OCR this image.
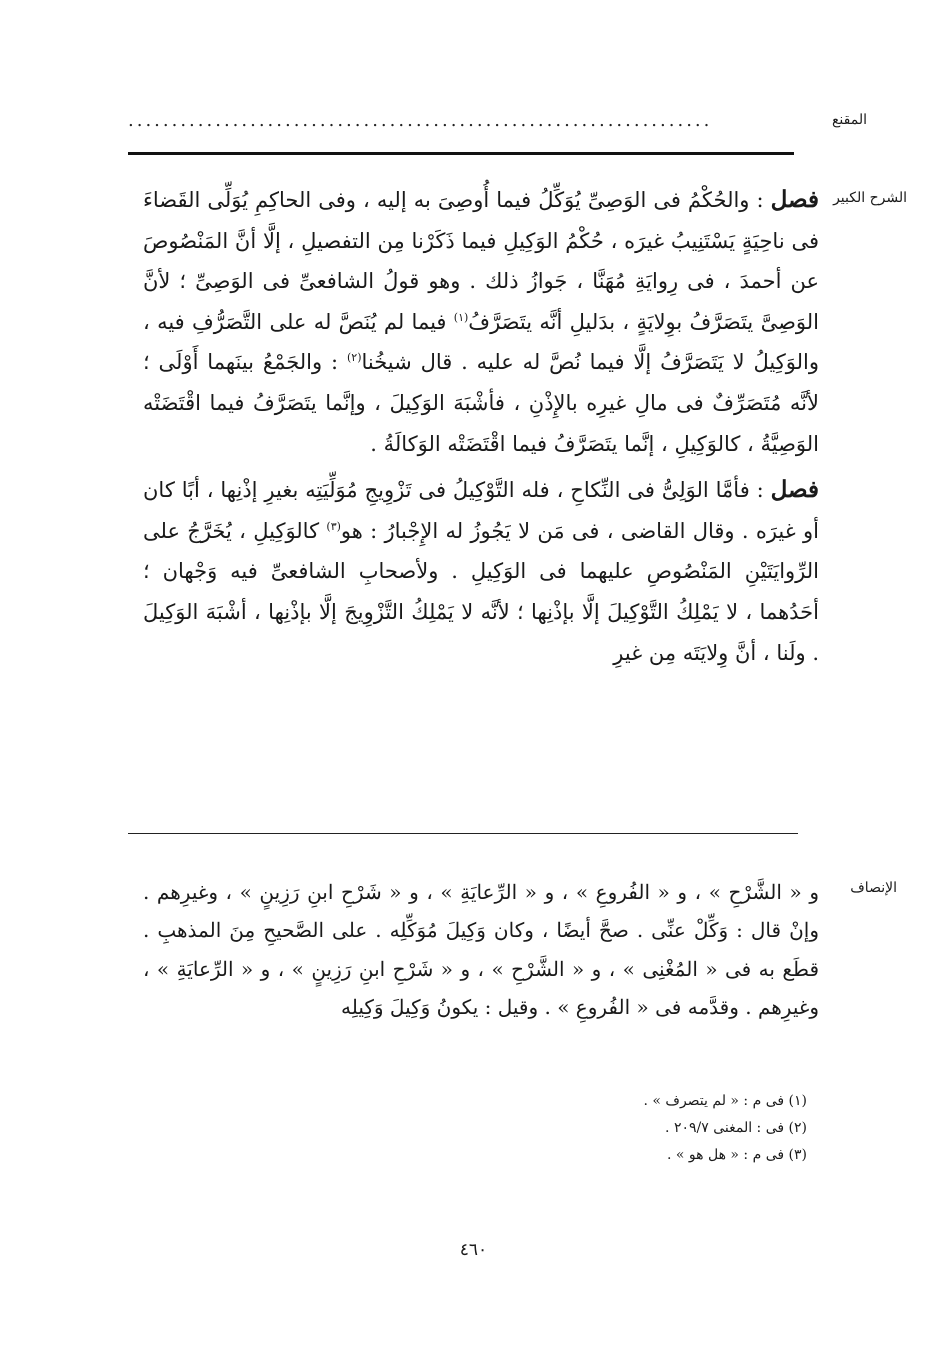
المقنع
...................................................................
الشرح الكبير

فصل : والحُكْمُ فى الوَصِىِّ يُوَكِّلُ فيما أُوصِىَ به إليه ، وفى الحاكِمِ يُوَلِّى القَضاءَ فى ناحِيَةٍ يَسْتَنِيبُ غيرَه ، حُكْمُ الوَكِيلِ فيما ذَكَرْنا مِن التفصيلِ ، إلَّا أنَّ المَنْصُوصَ عن أحمدَ ، فى رِوايَةِ مُهَنَّا ، جَوازُ ذلك . وهو قولُ الشافعىِّ فى الوَصِىِّ ؛ لأنَّ الوَصِىَّ يتَصَرَّفُ بوِلايَةٍ ، بدَليلِ أنَّه يتَصَرَّفُ$^{(١)}$ فيما لم يُنَصَّ له على التَّصَرُّفِ فيه ، والوَكِيلُ لا يَتَصَرَّفُ إلَّا فيما نُصَّ له عليه . قال شيخُنا$^{(٢)}$ : والجَمْعُ بينَهما أَوْلَى ؛ لأنَّه مُتَصَرِّفٌ فى مالِ غيرِه بالإِذْنِ ، فأشْبَهَ الوَكِيلَ ، وإنَّما يتَصَرَّفُ فيما اقْتَضَتْه الوَصِيَّةُ ، كالوَكِيلِ ، إنَّما يتَصَرَّفُ فيما اقْتَضَتْه الوَكالَةُ .

فصل : فأمَّا الوَلِىُّ فى النِّكاحِ ، فله التَّوْكِيلُ فى تَزْوِيجِ مُوَلِّيَتِه بغيرِ إذْنِها ، أبًا كان أو غيرَه . وقال القاضى ، فى مَن لا يَجُوزُ له الإِجْبارُ : هو$^{(٣)}$ كالوَكِيلِ ، يُخَرَّجُ على الرِّوايَتَيْنِ المَنْصُوصِ عليهما فى الوَكِيلِ . ولأصحابِ الشافعىِّ فيه وَجْهان ؛ أحَدُهما ، لا يَمْلِكُ التَّوْكِيلَ إلَّا بإذْنِها ؛ لأنَّه لا يَمْلِكُ التَّزْوِيجَ إلَّا بإذْنِها ، أشْبَهَ الوَكِيلَ . ولَنا ، أنَّ وِلايَتَه مِن غيرِ

الإنصاف

و « الشَّرْحِ » ، و « الفُروعِ » ، و « الرِّعايَةِ » ، و « شَرْحِ ابنِ رَزِينٍ » ، وغيرِهم . وإنْ قال : وَكِّلْ عنِّى . صحَّ أيضًا ، وكان وَكِيلَ مُوَكِّلِه . على الصَّحيحِ مِنَ المذهبِ . قطَع به فى « المُغْنِى » ، و « الشَّرْحِ » ، و « شَرْحِ ابنِ رَزِينٍ » ، و « الرِّعايَةِ » ، وغيرِهم . وقدَّمه فى « الفُروعِ » . وقيل : يكونُ وَكِيلَ وَكِيلِه

(١) فى م : « لم يتصرف » .
(٢) فى : المغنى ٢٠٩/٧ .
(٣) فى م : « هل هو » .
٤٦٠
